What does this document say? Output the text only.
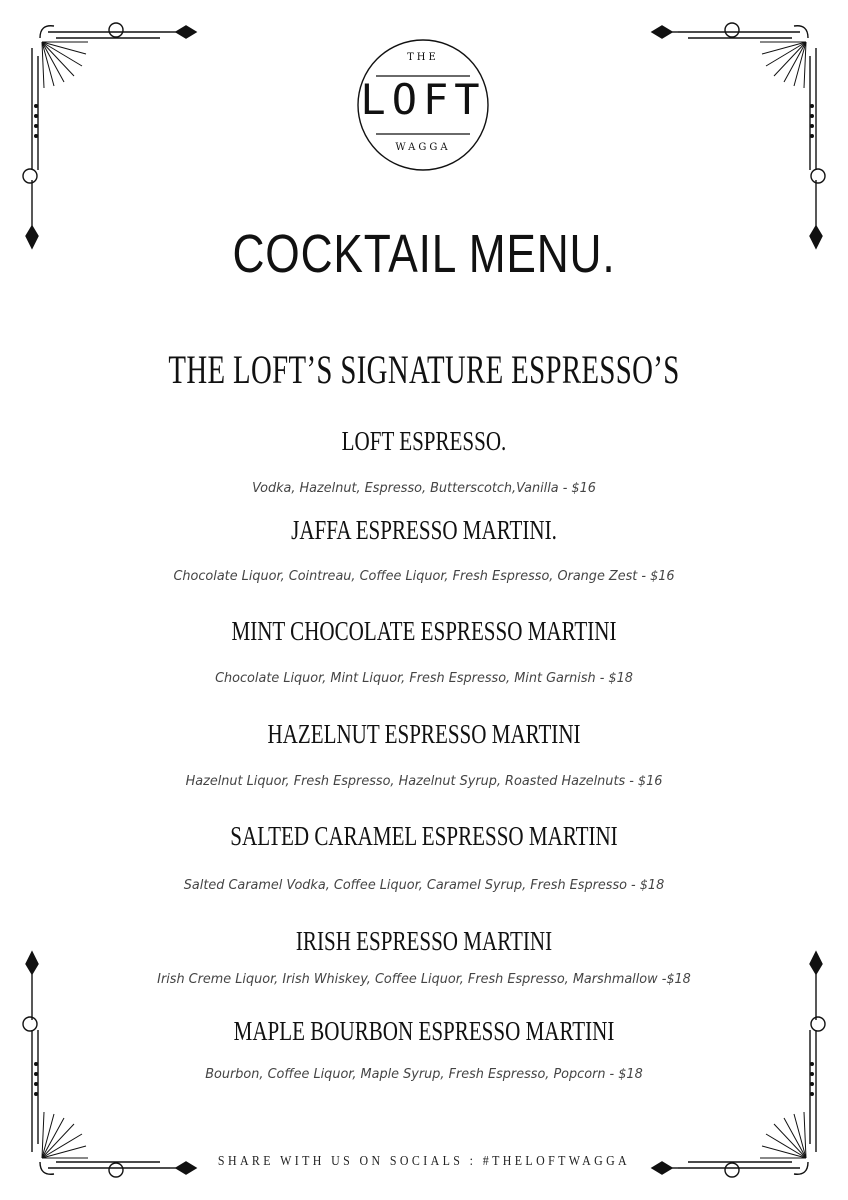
THE
LOFT
WAGGA
COCKTAIL MENU.
THE LOFT’S SIGNATURE ESPRESSO’S
LOFT ESPRESSO.
Vodka, Hazelnut, Espresso, Butterscotch,Vanilla - $16
JAFFA ESPRESSO MARTINI.
Chocolate Liquor, Cointreau, Coffee Liquor, Fresh Espresso, Orange Zest - $16
MINT CHOCOLATE ESPRESSO MARTINI
Chocolate Liquor, Mint Liquor, Fresh Espresso, Mint Garnish - $18
HAZELNUT ESPRESSO MARTINI
Hazelnut Liquor, Fresh Espresso, Hazelnut Syrup, Roasted Hazelnuts - $16
SALTED CARAMEL ESPRESSO MARTINI
Salted Caramel Vodka, Coffee Liquor, Caramel Syrup, Fresh Espresso - $18
IRISH ESPRESSO MARTINI
Irish Creme Liquor, Irish Whiskey, Coffee Liquor, Fresh Espresso, Marshmallow -$18
MAPLE BOURBON ESPRESSO MARTINI
Bourbon, Coffee Liquor, Maple Syrup, Fresh Espresso, Popcorn - $18
SHARE WITH US ON SOCIALS : #THELOFTWAGGA
